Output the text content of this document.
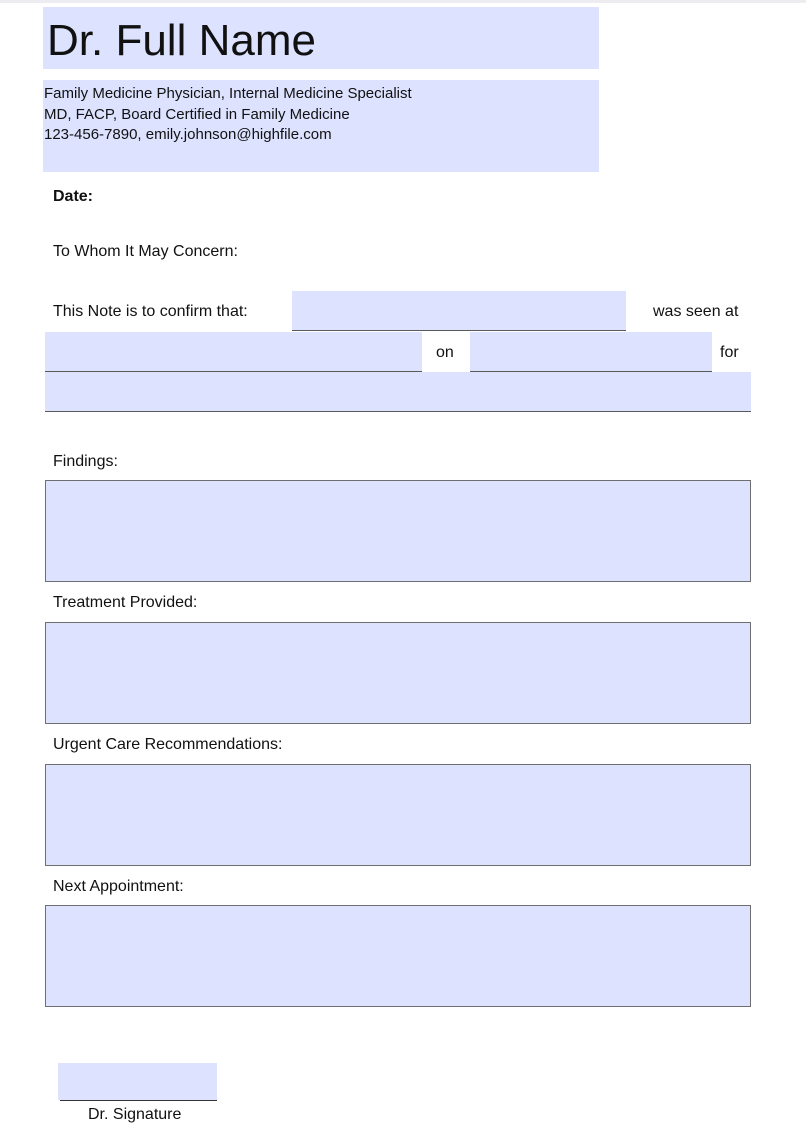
Dr. Full Name
Family Medicine Physician, Internal Medicine Specialist
MD, FACP, Board Certified in Family Medicine
123-456-7890, emily.johnson@highfile.com
Date:
To Whom It May Concern:
This Note is to confirm that:	was seen at
on	for
Findings:
Treatment Provided:
Urgent Care Recommendations:
Next Appointment:
Dr. Signature
